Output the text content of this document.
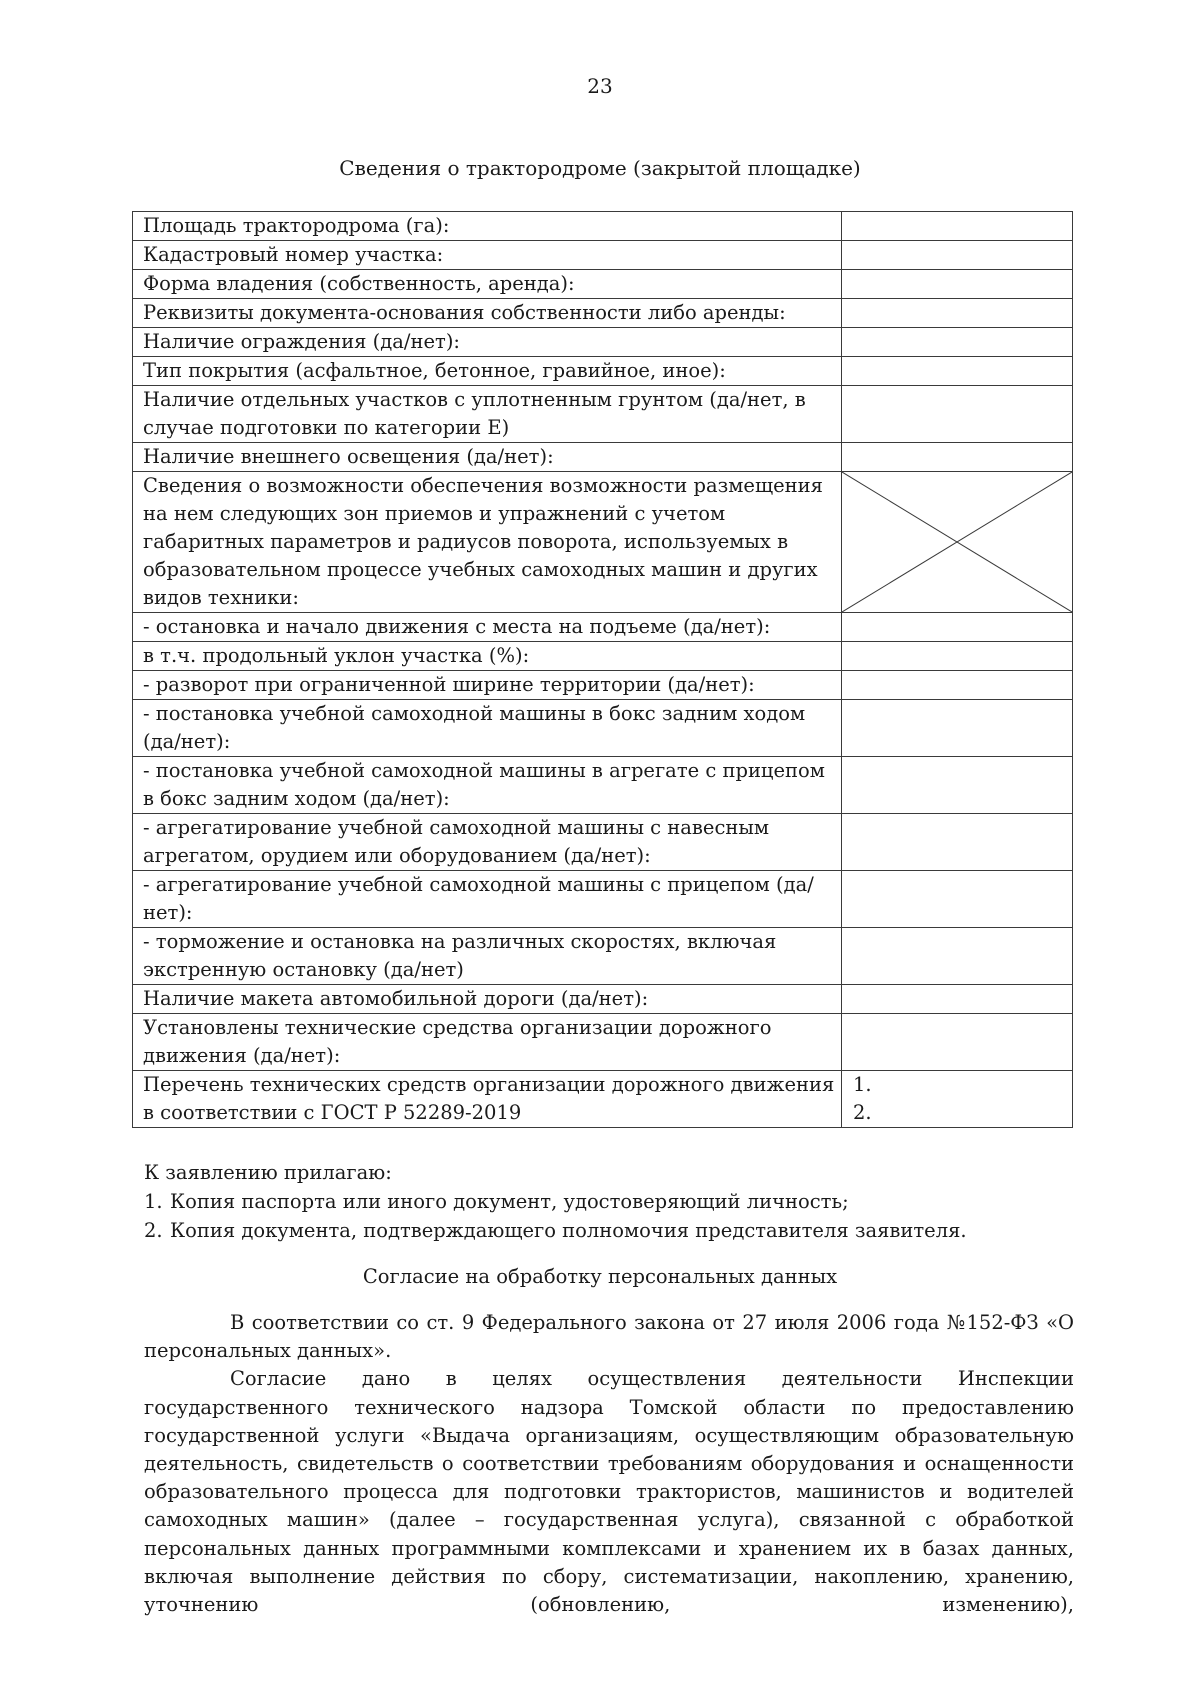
23
Сведения о трактородроме (закрытой площадке)
Площадь трактородрома (га):	
Кадастровый номер участка:	
Форма владения (собственность, аренда):	
Реквизиты документа-основания собственности либо аренды:	
Наличие ограждения (да/нет):	
Тип покрытия (асфальтное, бетонное, гравийное, иное):	
Наличие отдельных участков с уплотненным грунтом (да/нет, в случае подготовки по категории Е)	
Наличие внешнего освещения (да/нет):	
Сведения о возможности обеспечения возможности размещения на нем следующих зон приемов и упражнений с учетом габаритных параметров и радиусов поворота, используемых в образовательном процессе учебных самоходных машин и других видов техники:	

- остановка и начало движения с места на подъеме (да/нет):	
в т.ч. продольный уклон участка (%):	
- разворот при ограниченной ширине территории (да/нет):	
- постановка учебной самоходной машины в бокс задним ходом (да/нет):	
- постановка учебной самоходной машины в агрегате с прицепом в бокс задним ходом (да/нет):	
- агрегатирование учебной самоходной машины с навесным агрегатом, орудием или оборудованием (да/нет):	
- агрегатирование учебной самоходной машины с прицепом (да/нет):	
- торможение и остановка на различных скоростях, включая экстренную остановку (да/нет)	
Наличие макета автомобильной дороги (да/нет):	
Установлены технические средства организации дорожного движения (да/нет):	
Перечень технических средств организации дорожного движения в соответствии с ГОСТ Р 52289-2019	1.
2.
К заявлению прилагаю:
1. Копия паспорта или иного документ, удостоверяющий личность;
2. Копия документа, подтверждающего полномочия представителя заявителя.
Согласие на обработку персональных данных

В соответствии со ст. 9 Федерального закона от 27 июля 2006 года №152-ФЗ «О персональных данных».

Согласие дано в целях осуществления деятельности Инспекции государственного технического надзора Томской области по предоставлению государственной услуги «Выдача организациям, осуществляющим образовательную деятельность, свидетельств о соответствии требованиям оборудования и оснащенности образовательного процесса для подготовки трактористов, машинистов и водителей самоходных машин» (далее – государственная услуга), связанной с обработкой персональных данных программными комплексами и хранением их в базах данных, включая выполнение действия по сбору, систематизации, накоплению, хранению, уточнению (обновлению, изменению),
